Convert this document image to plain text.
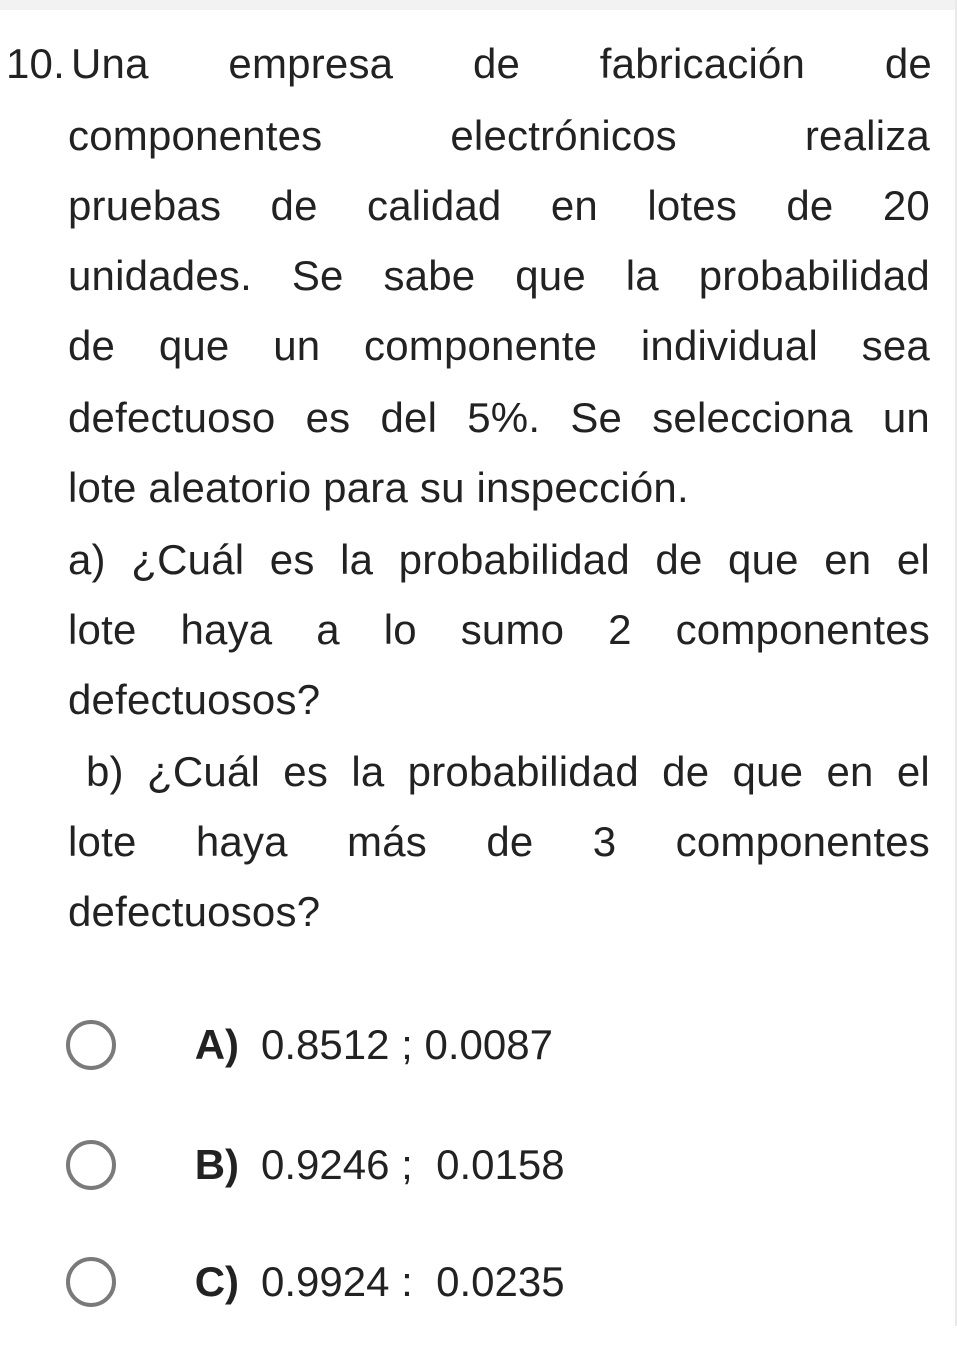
10. Una empresa de fabricación de
componentes	electrónicos	realiza
pruebas de calidad en lotes de 20
unidades. Se sabe que la probabilidad
de que un componente individual sea
defectuoso es del 5%. Se selecciona un
lote aleatorio para su inspección.
a) ¿Cuál es la probabilidad de que en el
lote haya a lo sumo 2 componentes
defectuosos?
b) ¿Cuál es la probabilidad de que en el
lote haya más de 3 componentes
defectuosos?

A) 0.8512 ; 0.0087

B) 0.9246 ;  0.0158

C) 0.9924 :  0.0235
